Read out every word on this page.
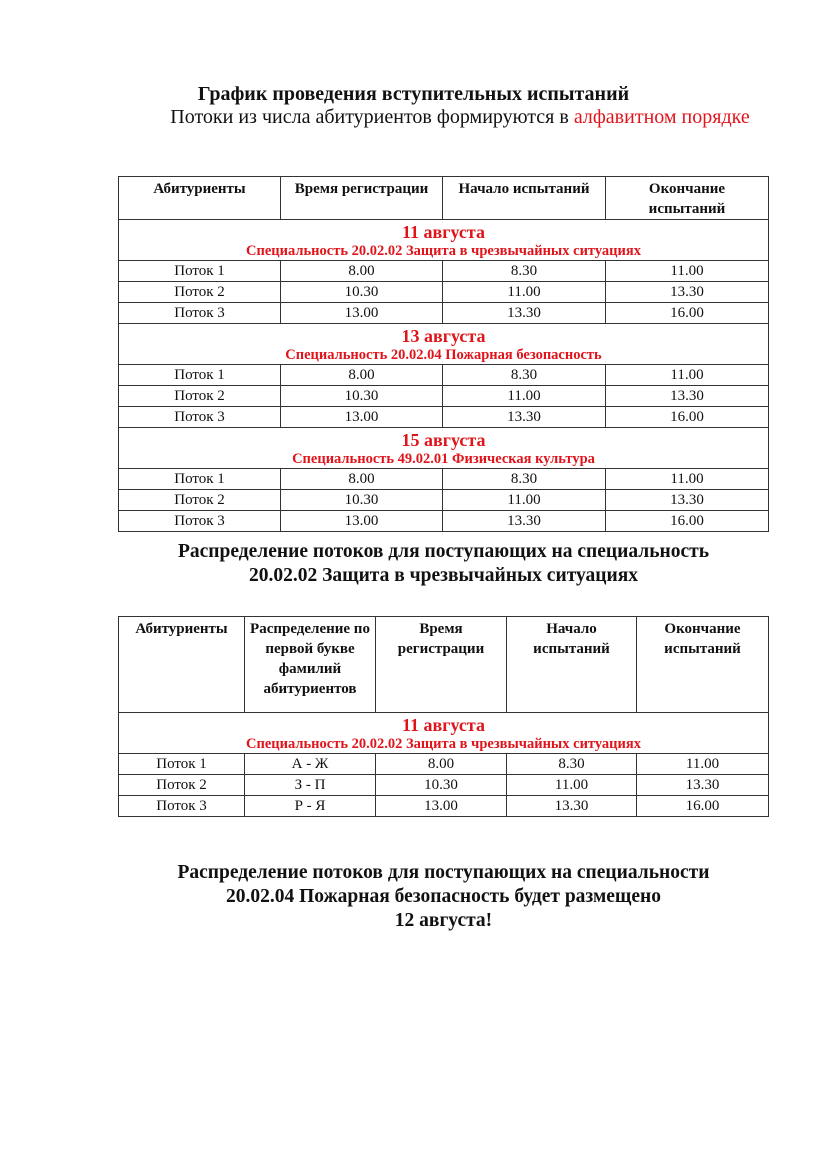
График проведения вступительных испытаний
Потоки из числа абитуриентов формируются в алфавитном порядке
Абитуриенты	Время регистрации	Начало испытаний	Окончание испытаний

11 августа
Специальность 20.02.02 Защита в чрезвычайных ситуациях			

Поток 1	8.00	8.30	11.00
Поток 2	10.30	11.00	13.30
Поток 3	13.00	13.30	16.00

13 августа
Специальность 20.02.04 Пожарная безопасность			

Поток 1	8.00	8.30	11.00
Поток 2	10.30	11.00	13.30
Поток 3	13.00	13.30	16.00

15 августа
Специальность 49.02.01 Физическая культура			

Поток 1	8.00	8.30	11.00
Поток 2	10.30	11.00	13.30
Поток 3	13.00	13.30	16.00
Распределение потоков для поступающих на специальность
20.02.02 Защита в чрезвычайных ситуациях
Абитуриенты	Распределение по первой букве фамилий абитуриентов	Время регистрации	Начало испытаний	Окончание испытаний

11 августа
Специальность 20.02.02 Защита в чрезвычайных ситуациях				

Поток 1	А - Ж	8.00	8.30	11.00
Поток 2	З - П	10.30	11.00	13.30
Поток 3	Р - Я	13.00	13.30	16.00
Распределение потоков для поступающих на специальности
20.02.04 Пожарная безопасность будет размещено
12 августа!
